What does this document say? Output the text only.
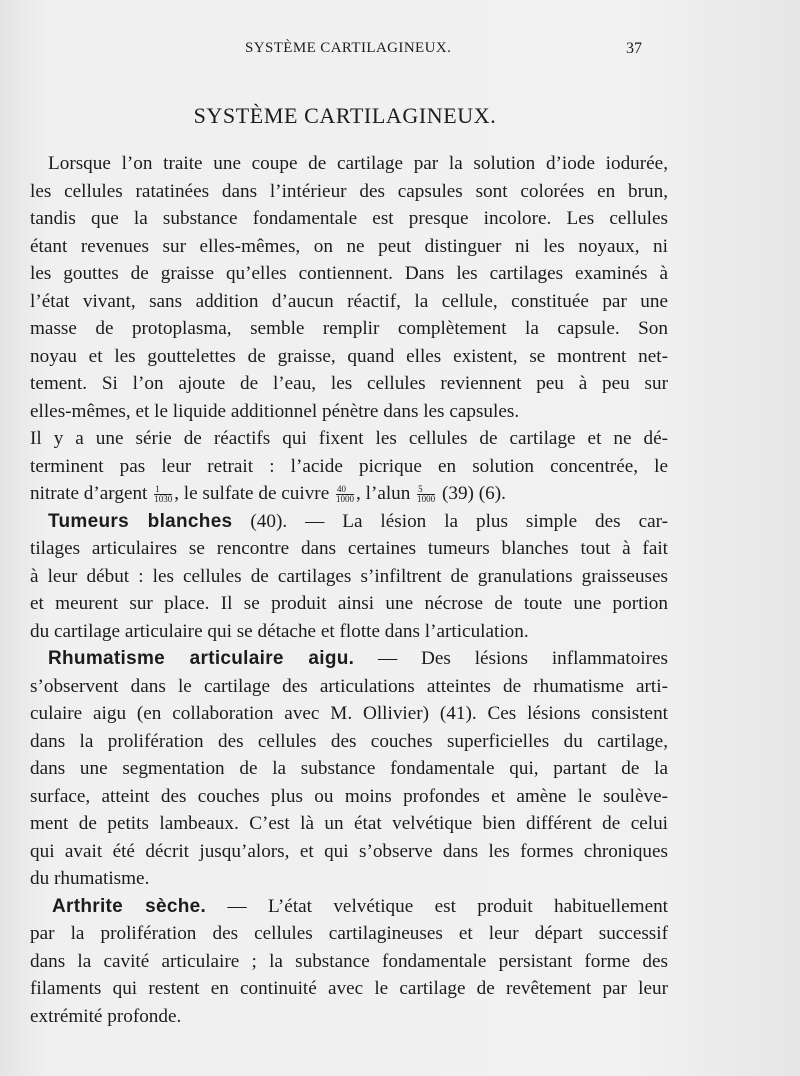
SYSTÈME CARTILAGINEUX.	37
SYSTÈME CARTILAGINEUX.
Lorsque l’on traite une coupe de cartilage par la solution d’iode iodurée,
les cellules ratatinées dans l’intérieur des capsules sont colorées en brun,
tandis que la substance fondamentale est presque incolore. Les cellules
étant revenues sur elles-mêmes, on ne peut distinguer ni les noyaux, ni
les gouttes de graisse qu’elles contiennent. Dans les cartilages examinés à
l’état vivant, sans addition d’aucun réactif, la cellule, constituée par une
masse de protoplasma, semble remplir complètement la capsule. Son
noyau et les gouttelettes de graisse, quand elles existent, se montrent net-
tement. Si l’on ajoute de l’eau, les cellules reviennent peu à peu sur
elles-mêmes, et le liquide additionnel pénètre dans les capsules.
Il y a une série de réactifs qui fixent les cellules de cartilage et ne dé-
terminent pas leur retrait : l’acide picrique en solution concentrée, le
nitrate d’argent $\frac{1}{1030}$ , le sulfate de cuivre $\frac{40}{1000}$ , l’alun $\frac{5}{1000} (39)$ (6).
Tumeurs blanches (40). — La lésion la plus simple des car-
tilages articulaires se rencontre dans certaines tumeurs blanches tout à fait
à leur début : les cellules de cartilages s’infiltrent de granulations graisseuses
et meurent sur place. Il se produit ainsi une nécrose de toute une portion
du cartilage articulaire qui se détache et flotte dans l’articulation.
Rhumatisme articulaire aigu. — Des lésions inflammatoires
s’observent dans le cartilage des articulations atteintes de rhumatisme arti-
culaire aigu (en collaboration avec M. Ollivier) (41). Ces lésions consistent
dans la prolifération des cellules des couches superficielles du cartilage,
dans une segmentation de la substance fondamentale qui, partant de la
surface, atteint des couches plus ou moins profondes et amène le soulève-
ment de petits lambeaux. C’est là un état velvétique bien différent de celui
qui avait été décrit jusqu’alors, et qui s’observe dans les formes chroniques
du rhumatisme.
Arthrite sèche. — L’état velvétique est produit habituellement
par la prolifération des cellules cartilagineuses et leur départ successif
dans la cavité articulaire ; la substance fondamentale persistant forme des
filaments qui restent en continuité avec le cartilage de revêtement par leur
extrémité profonde.
